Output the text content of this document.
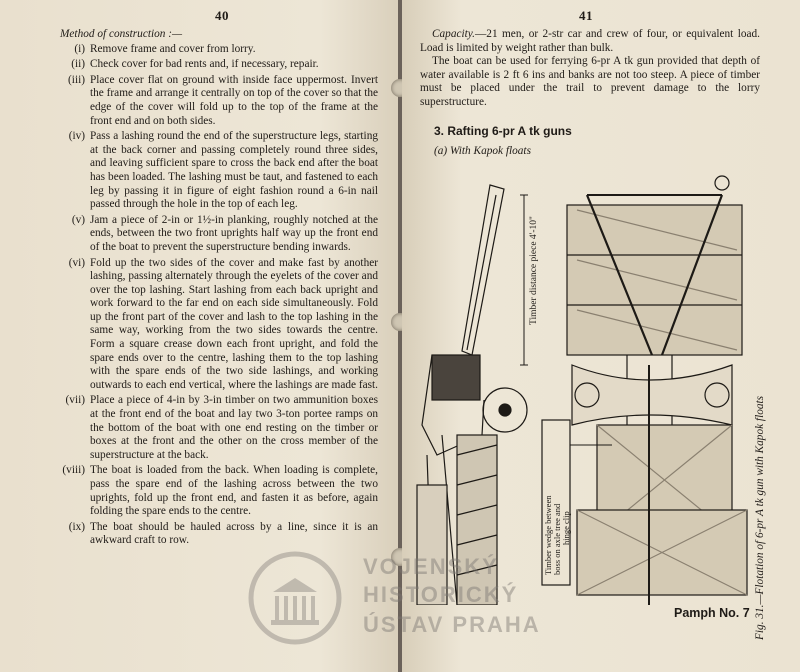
40
Method of construction :—
(i) Remove frame and cover from lorry.
(ii) Check cover for bad rents and, if necessary, repair.
(iii) Place cover flat on ground with inside face uppermost. Invert the frame and arrange it centrally on top of the cover so that the edge of the cover will fold up to the top of the frame at the front end and on both sides.
(iv) Pass a lashing round the end of the superstructure legs, starting at the back corner and passing completely round three sides, and leaving sufficient spare to cross the back end after the boat has been loaded. The lashing must be taut, and fastened to each leg by passing it in figure of eight fashion round a 6-in nail passed through the hole in the top of each leg.
(v) Jam a piece of 2-in or 1½-in planking, roughly notched at the ends, between the two front uprights half way up the front end of the boat to prevent the superstructure bending inwards.
(vi) Fold up the two sides of the cover and make fast by another lashing, passing alternately through the eyelets of the cover and over the top lashing. Start lashing from each back upright and work forward to the far end on each side simultaneously. Fold up the front part of the cover and lash to the top lashing in the same way, working from the two sides towards the centre. Form a square crease down each front upright, and fold the spare ends over to the centre, lashing them to the top lashing with the spare ends of the two side lashings, and working outwards to each end vertical, where the lashings are made fast.
(vii) Place a piece of 4-in by 3-in timber on two ammunition boxes at the front end of the boat and lay two 3-ton portee ramps on the bottom of the boat with one end resting on the timber or boxes at the front and the other on the cross member of the superstructure at the back.
(viii) The boat is loaded from the back. When loading is complete, pass the spare end of the lashing across between the two uprights, fold up the front end, and fasten it as before, again folding the spare ends to the centre.
(ix) The boat should be hauled across by a line, since it is an awkward craft to row.
41
Capacity.—21 men, or 2-str car and crew of four, or equivalent load. Load is limited by weight rather than bulk.
The boat can be used for ferrying 6-pr A tk gun provided that depth of water available is 2 ft 6 ins and banks are not too steep. A piece of timber must be placed under the trail to prevent damage to the lorry superstructure.
3. Rafting 6-pr A tk guns
(a) With Kapok floats
Timber distance piece 4'-10"
Timber wedge between boss on axle tree and hinge clip	Fig. 31.—Flotation of 6-pr A tk gun with Kapok floats
Pamph No. 7
VOJENSKÝ
HISTORICKÝ
ÚSTAV PRAHA
